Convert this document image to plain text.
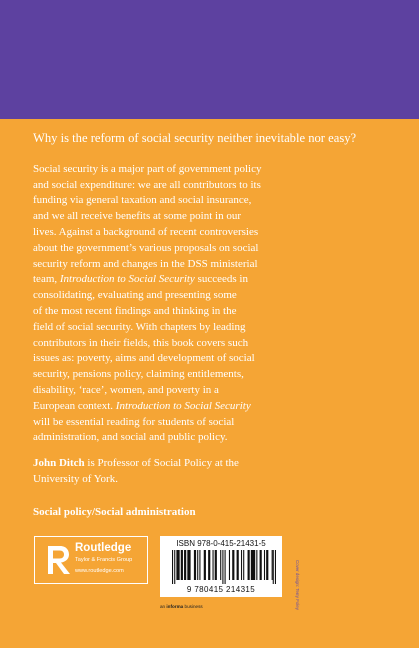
Why is the reform of social security neither inevitable nor easy?
Social security is a major part of government policy
and social expenditure: we are all contributors to its
funding via general taxation and social insurance,
and we all receive benefits at some point in our
lives. Against a background of recent controversies
about the government’s various proposals on social
security reform and changes in the DSS ministerial
team, Introduction to Social Security succeeds in
consolidating, evaluating and presenting some
of the most recent findings and thinking in the
field of social security. With chapters by leading
contributors in their fields, this book covers such
issues as: poverty, aims and development of social
security, pensions policy, claiming entitlements,
disability, ‘race’, women, and poverty in a
European context. Introduction to Social Security
will be essential reading for students of social
administration, and social and public policy.
John Ditch is Professor of Social Policy at the
University of York.
Social policy/Social administration
Routledge
Taylor & Francis Group
www.routledge.com
ISBN 978-0-415-21431-5
9 780415 214315
an informa business	Cover design: Terry Foley
